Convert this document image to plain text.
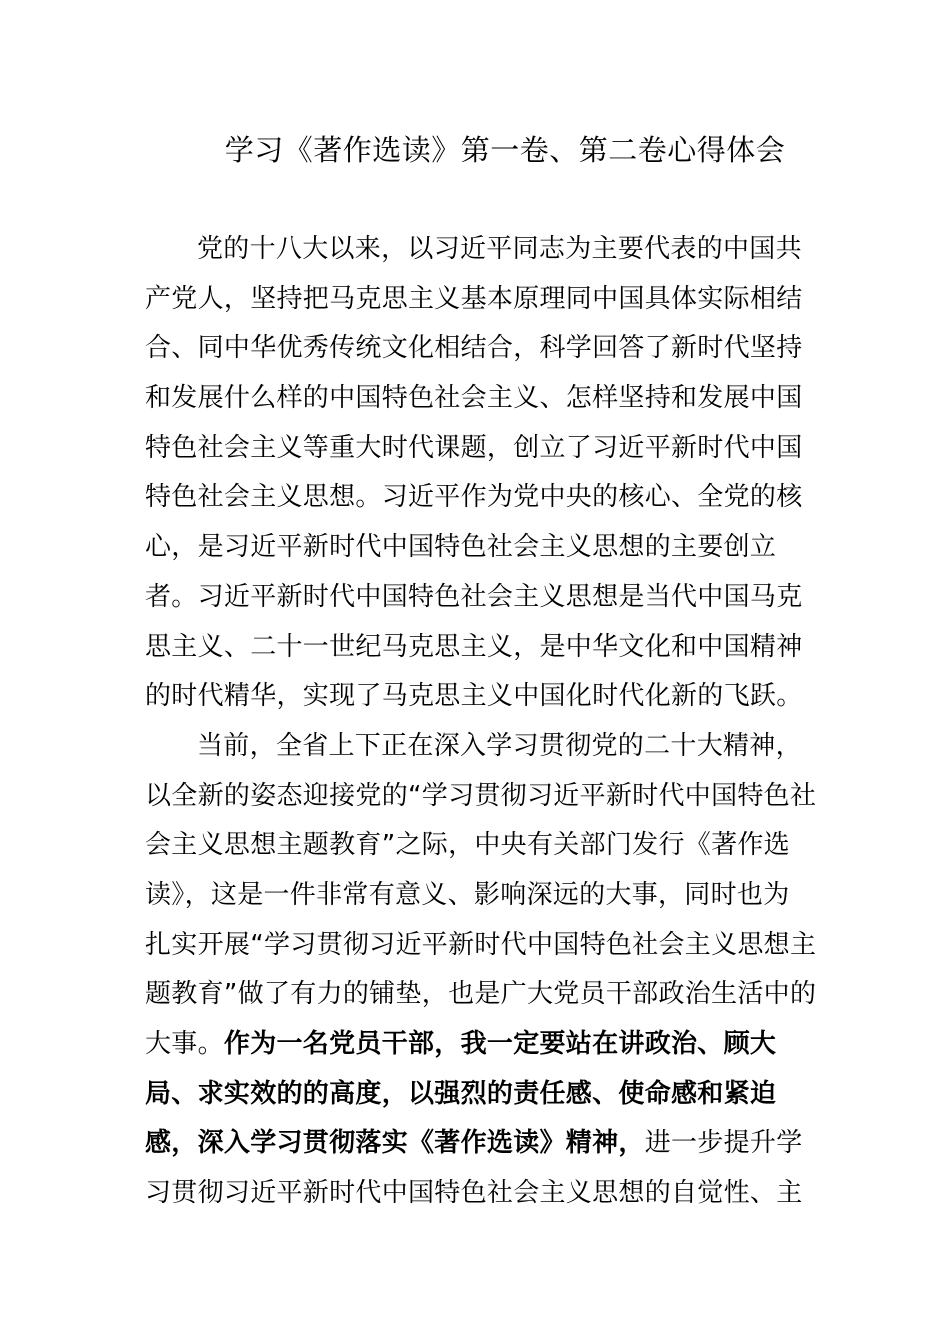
学习《著作选读》第一卷、第二卷心得体会
党的十八大以来，以习近平同志为主要代表的中国共
产党人，坚持把马克思主义基本原理同中国具体实际相结
合、同中华优秀传统文化相结合，科学回答了新时代坚持
和发展什么样的中国特色社会主义、怎样坚持和发展中国
特色社会主义等重大时代课题，创立了习近平新时代中国
特色社会主义思想。习近平作为党中央的核心、全党的核
心，是习近平新时代中国特色社会主义思想的主要创立
者。习近平新时代中国特色社会主义思想是当代中国马克
思主义、二十一世纪马克思主义，是中华文化和中国精神
的时代精华，实现了马克思主义中国化时代化新的飞跃。
当前，全省上下正在深入学习贯彻党的二十大精神，
以全新的姿态迎接党的“学习贯彻习近平新时代中国特色社
会主义思想主题教育”之际，中央有关部门发行《著作选
读》，这是一件非常有意义、影响深远的大事，同时也为
扎实开展“学习贯彻习近平新时代中国特色社会主义思想主
题教育”做了有力的铺垫，也是广大党员干部政治生活中的
大事。作为一名党员干部，我一定要站在讲政治、顾大
局、求实效的的高度，以强烈的责任感、使命感和紧迫
感，深入学习贯彻落实《著作选读》精神，进一步提升学
习贯彻习近平新时代中国特色社会主义思想的自觉性、主
